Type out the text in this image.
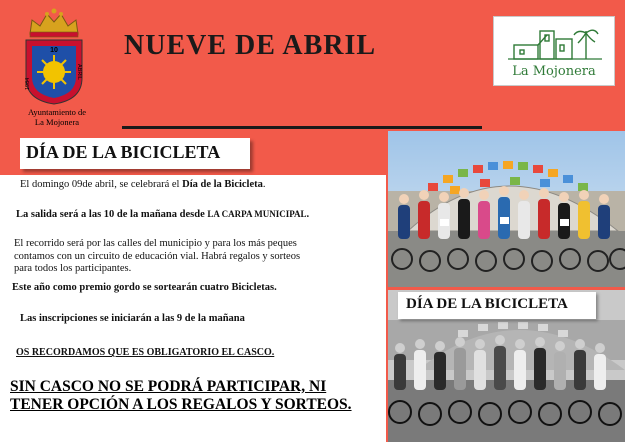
10
ABRIL
1984
Ayuntamiento de
La Mojonera
NUEVE DE ABRIL
La Mojonera
DÍA DE LA BICICLETA
El domingo 09de abril, se celebrará el Día de la Bicicleta.
La salida será a las 10 de la mañana desde LA CARPA MUNICIPAL.
El recorrido será por las calles del municipio y para los más peques
contamos con un circuito de educación vial. Habrá regalos y sorteos
para todos los participantes.
Este año como premio gordo se sortearán cuatro Bicicletas.
Las inscripciones se iniciarán a las 9 de la mañana
OS RECORDAMOS QUE ES OBLIGATORIO EL CASCO.
SIN CASCO NO SE PODRÁ PARTICIPAR, NI
TENER OPCIÓN A LOS REGALOS Y SORTEOS.
DÍA DE LA BICICLETA
